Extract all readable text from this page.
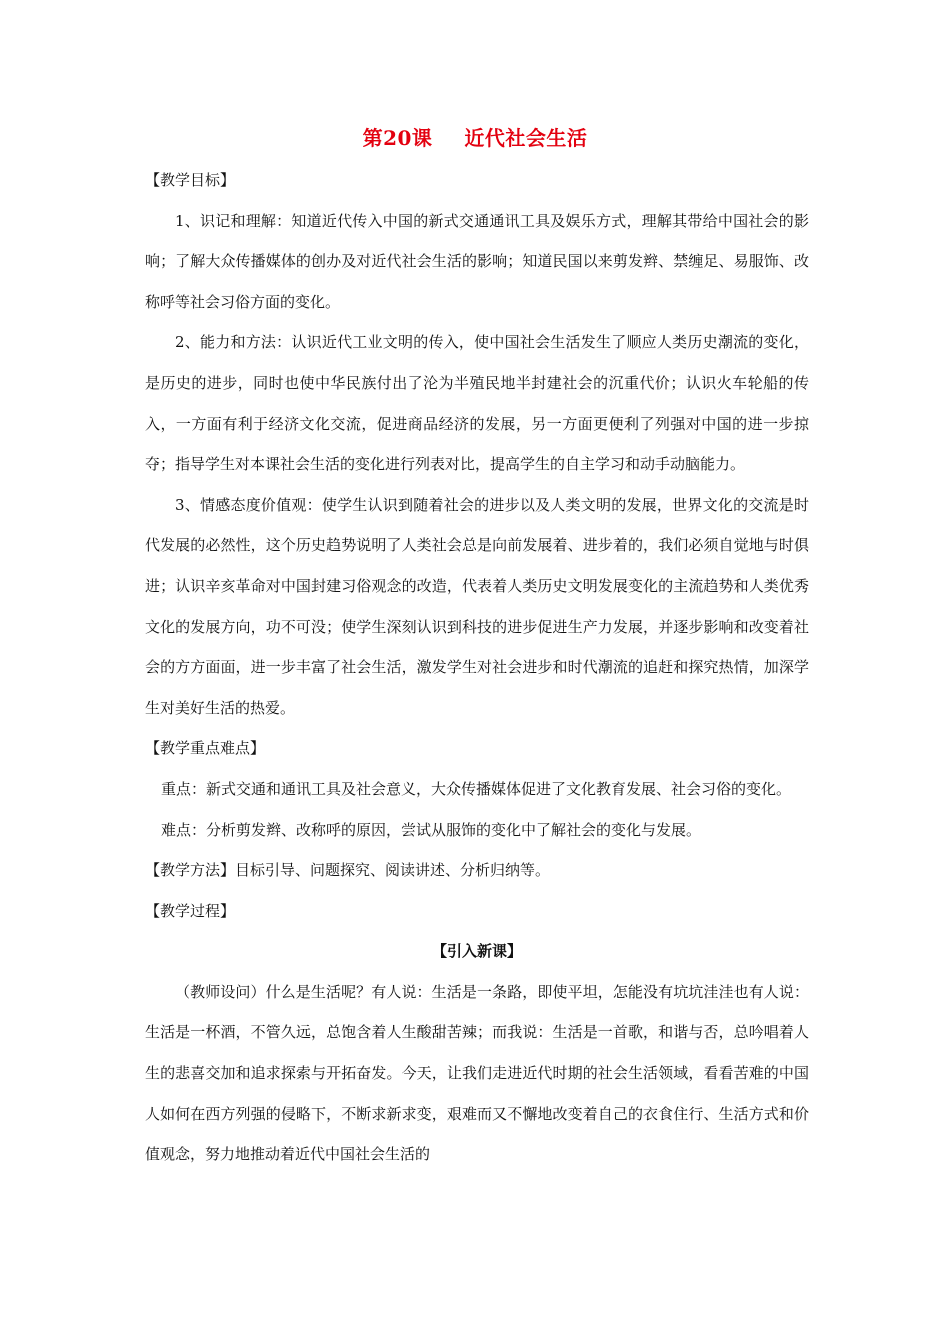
第20课 近代社会生活

【教学目标】

1、识记和理解：知道近代传入中国的新式交通通讯工具及娱乐方式，理解其带给中国社会的影响；了解大众传播媒体的创办及对近代社会生活的影响；知道民国以来剪发辫、禁缠足、易服饰、改称呼等社会习俗方面的变化。

2、能力和方法：认识近代工业文明的传入，使中国社会生活发生了顺应人类历史潮流的变化，是历史的进步，同时也使中华民族付出了沦为半殖民地半封建社会的沉重代价；认识火车轮船的传入，一方面有利于经济文化交流，促进商品经济的发展，另一方面更便利了列强对中国的进一步掠夺；指导学生对本课社会生活的变化进行列表对比，提高学生的自主学习和动手动脑能力。

3、情感态度价值观：使学生认识到随着社会的进步以及人类文明的发展，世界文化的交流是时代发展的必然性，这个历史趋势说明了人类社会总是向前发展着、进步着的，我们必须自觉地与时俱进；认识辛亥革命对中国封建习俗观念的改造，代表着人类历史文明发展变化的主流趋势和人类优秀文化的发展方向，功不可没；使学生深刻认识到科技的进步促进生产力发展，并逐步影响和改变着社会的方方面面，进一步丰富了社会生活，激发学生对社会进步和时代潮流的追赶和探究热情，加深学生对美好生活的热爱。

【教学重点难点】

重点：新式交通和通讯工具及社会意义，大众传播媒体促进了文化教育发展、社会习俗的变化。

难点：分析剪发辫、改称呼的原因，尝试从服饰的变化中了解社会的变化与发展。

【教学方法】目标引导、问题探究、阅读讲述、分析归纳等。

【教学过程】

【引入新课】

（教师设问）什么是生活呢？有人说：生活是一条路，即使平坦，怎能没有坑坑洼洼也有人说：生活是一杯酒，不管久远，总饱含着人生酸甜苦辣；而我说：生活是一首歌，和谐与否，总吟唱着人生的悲喜交加和追求探索与开拓奋发。今天，让我们走进近代时期的社会生活领域，看看苦难的中国人如何在西方列强的侵略下，不断求新求变，艰难而又不懈地改变着自己的衣食住行、生活方式和价值观念，努力地推动着近代中国社会生活的
